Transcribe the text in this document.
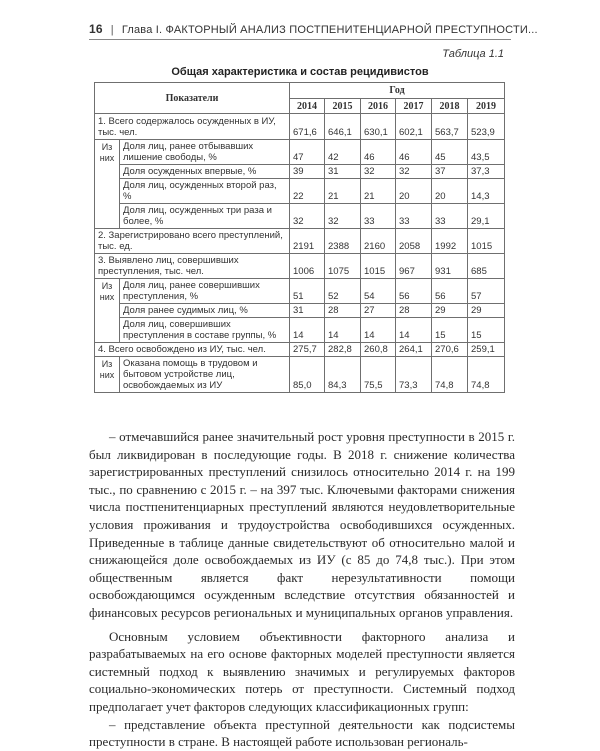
16 | Глава I. ФАКТОРНЫЙ АНАЛИЗ ПОСТПЕНИТЕНЦИАРНОЙ ПРЕСТУПНОСТИ...
Таблица 1.1
Общая характеристика и состав рецидивистов
Показатели		Год					
		2014	2015	2016	2017	2018	2019
1. Всего содержалось осужденных в ИУ, тыс. чел.		671,6	646,1	630,1	602,1	563,7	523,9
Из них	Доля лиц, ранее отбывавших лишение свободы, %	47	42	46	46	45	43,5
	Доля осужденных впервые, %	39	31	32	32	37	37,3
	Доля лиц, осужденных второй раз, %	22	21	21	20	20	14,3
	Доля лиц, осужденных три раза и более, %	32	32	33	33	33	29,1
2. Зарегистрировано всего преступлений, тыс. ед.		2191	2388	2160	2058	1992	1015
3. Выявлено лиц, совершивших преступления, тыс. чел.		1006	1075	1015	967	931	685
Из них	Доля лиц, ранее совершивших преступления, %	51	52	54	56	56	57
	Доля ранее судимых лиц, %	31	28	27	28	29	29
	Доля лиц, совершивших преступления в составе группы, %	14	14	14	14	15	15
4. Всего освобождено из ИУ, тыс. чел.		275,7	282,8	260,8	264,1	270,6	259,1
Из них	Оказана помощь в трудовом и бытовом устройстве лиц, освобождаемых из ИУ	85,0	84,3	75,5	73,3	74,8	74,8

– отмечавшийся ранее значительный рост уровня преступности в 2015 г. был ликвидирован в последующие годы. В 2018 г. снижение количества зарегистрированных преступлений снизилось относительно 2014 г. на 199 тыс., по сравнению с 2015 г. – на 397 тыс. Ключевыми факторами снижения числа постпенитенциарных преступлений являются неудовлетворительные условия проживания и трудоустройства освободившихся осужденных. Приведенные в таблице данные свидетельствуют об относительно малой и снижающейся доле освобождаемых из ИУ (с 85 до 74,8 тыс.). При этом общественным является факт нерезультативности помощи освобождающимся осужденным вследствие отсутствия обязанностей и финансовых ресурсов региональных и муниципальных органов управления.

Основным условием объективности факторного анализа и разрабатываемых на его основе факторных моделей преступности является системный подход к выявлению значимых и регулируемых факторов социально-экономических потерь от преступности. Системный подход предполагает учет факторов следующих классификационных групп:

– представление объекта преступной деятельности как подсистемы преступности в стране. В настоящей работе использован региональ-
